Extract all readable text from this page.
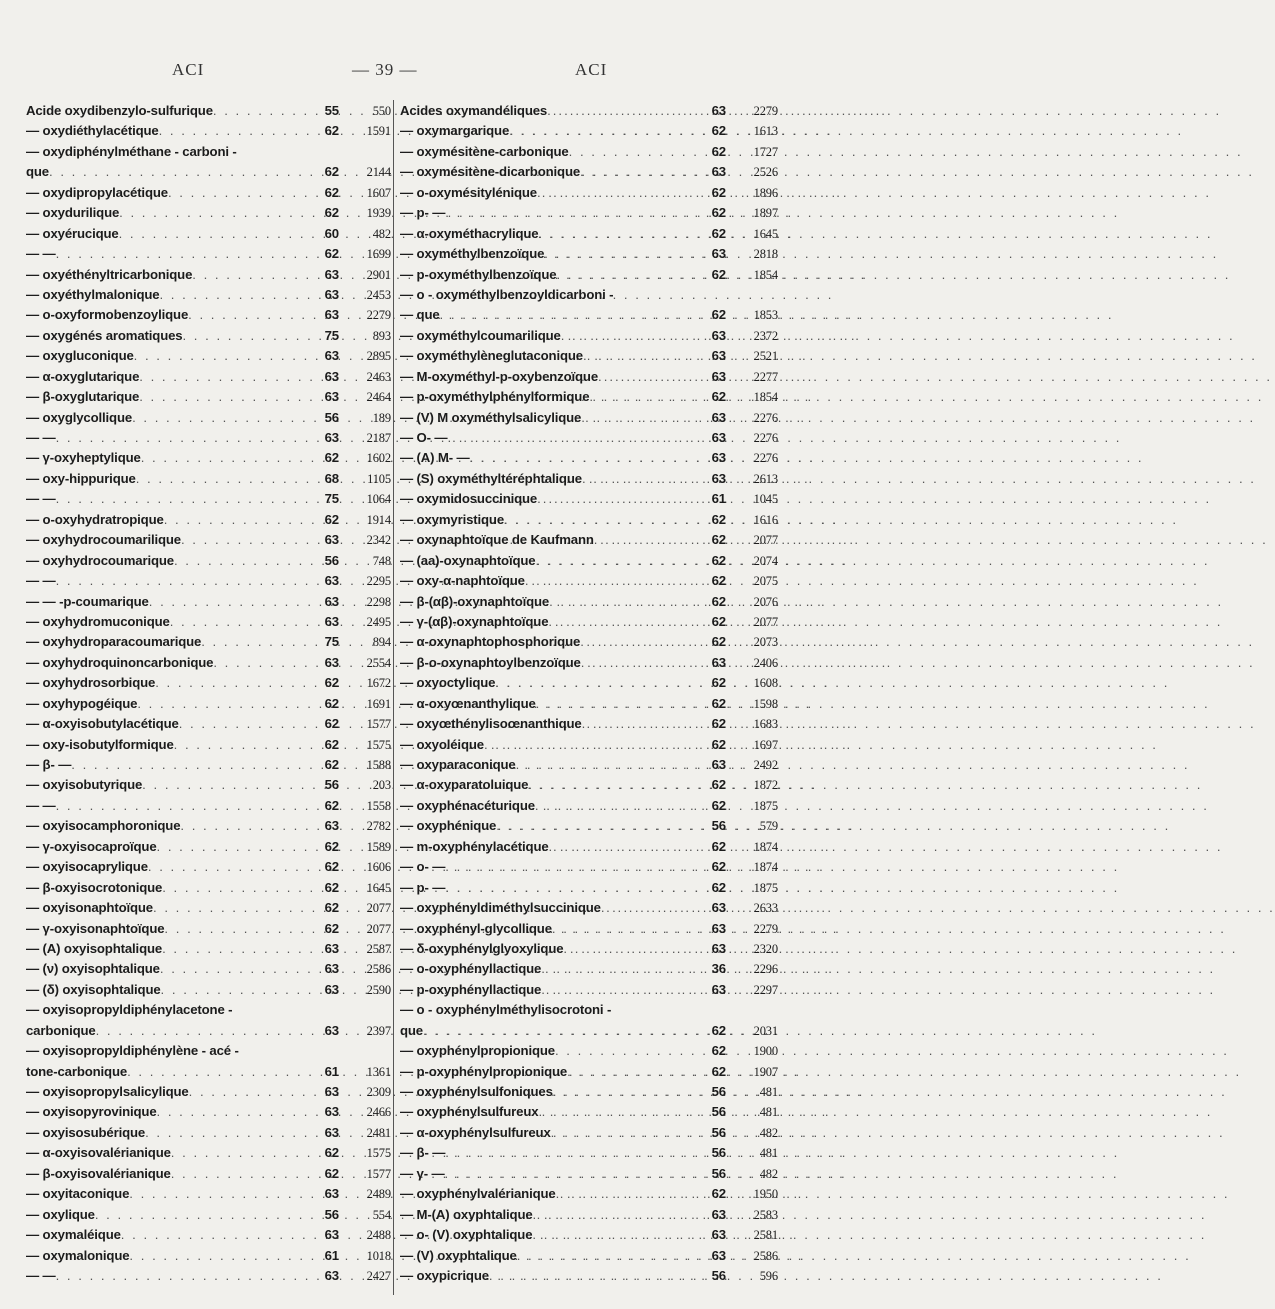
ACI	— 39 —	ACI
Acide oxydibenzylo-sulfurique . . .	55	550
— oxydiéthylacétique . . .	62	1591
— oxydiphénylméthane - carboni -
que . . .	62	2144
— oxydipropylacétique . . .	62	1607
— oxydurilique . . .	62	1939
— oxyérucique . . .	60	482
— — . . .	62	1699
— oxyéthényltricarbonique . . .	63	2901
— oxyéthylmalonique . . .	63	2453
— o-oxyformobenzoylique . . .	63	2279
— oxygénés aromatiques . . .	75	893
— oxygluconique . . .	63	2895
— α-oxyglutarique . . .	63	2463
— β-oxyglutarique . . .	63	2464
— oxyglycollique . . .	56	189
— — . . .	63	2187
— γ-oxyheptylique . . .	62	1602
— oxy-hippurique . . .	68	1105
— — . . .	75	1064
— o-oxyhydratropique . . .	62	1914
— oxyhydrocoumarilique . . .	63	2342
— oxyhydrocoumarique . . .	56	748
— — . . .	63	2295
— — -p-coumarique . . .	63	2298
— oxyhydromuconique . . .	63	2495
— oxyhydroparacoumarique . . .	75	894
— oxyhydroquinoncarbonique . . .	63	2554
— oxyhydrosorbique . . .	62	1672
— oxyhypogéique . . .	62	1691
— α-oxyisobutylacétique . . .	62	1577
— oxy-isobutylformique . . .	62	1575
— β- — . . .	62	1588
— oxyisobutyrique . . .	56	203
— — . . .	62	1558
— oxyisocamphoronique . . .	63	2782
— γ-oxyisocaproïque . . .	62	1589
— oxyisocaprylique . . .	62	1606
— β-oxyisocrotonique . . .	62	1645
— oxyisonaphtoïque . . .	62	2077
— γ-oxyisonaphtoïque . . .	62	2077
— (A) oxyisophtalique . . .	63	2587
— (ν) oxyisophtalique . . .	63	2586
— (δ) oxyisophtalique . . .	63	2590
— oxyisopropyldiphénylacetone -
carbonique . . .	63	2397
— oxyisopropyldiphénylène - acé -
tone-carbonique . . .	61	1361
— oxyisopropylsalicylique . . .	63	2309
— oxyisopyrovinique . . .	63	2466
— oxyisosubérique . . .	63	2481
— α-oxyisovalérianique . . .	62	1575
— β-oxyisovalérianique . . .	62	1577
— oxyitaconique . . .	63	2489
— oxylique . . .	56	554
— oxymaléique . . .	63	2488
— oxymalonique . . .	61	1018
— — . . .	63	2427
Acides oxymandéliques . . .	63	2279
— oxymargarique . . .	62	1613
— oxymésitène-carbonique . . .	62	1727
— oxymésitène-dicarbonique . . .	63	2526
— o-oxymésitylénique . . .	62	1896
— p- — . . .	62	1897
— α-oxyméthacrylique . . .	62	1645
— oxyméthylbenzoïque . . .	63	2818
— p-oxyméthylbenzoïque . . .	62	1854
— o - oxyméthylbenzoyldicarboni -
— que . . .	62	1853
— oxyméthylcoumarilique . . .	63	2372
— oxyméthylèneglutaconique . . .	63	2521
— M-oxyméthyl-p-oxybenzoïque . . .	63	2277
— p-oxyméthylphénylformique . . .	62	1854
— (V) M oxyméthylsalicylique . . .	63	2276
— O- — . . .	63	2276
— (A) M- — . . .	63	2276
— (S) oxyméthyltéréphtalique . . .	63	2613
— oxymidosuccinique . . .	61	1045
— oxymyristique . . .	62	1616
— oxynaphtoïque de Kaufmann . . .	62	2077
— (aa)-oxynaphtoïque . . .	62	2074
— oxy-α-naphtoïque . . .	62	2075
— β-(αβ)-oxynaphtoïque . . .	62	2076
— γ-(αβ)-oxynaphtoïque . . .	62	2077
— α-oxynaphtophosphorique . . .	62	2073
— β-o-oxynaphtoylbenzoïque . . .	63	2406
— oxyoctylique . . .	62	1608
— α-oxyœnanthylique . . .	62	1598
— oxyœthénylisoœnanthique . . .	62	1683
— oxyoléique . . .	62	1697
— oxyparaconique . . .	63	2492
— α-oxyparatoluique . . .	62	1872
— oxyphénacéturique . . .	62	1875
— oxyphénique . . .	56	579
— m-oxyphénylacétique . . .	62	1874
— o- — . . .	62	1874
— p- — . . .	62	1875
— oxyphényldiméthylsuccinique . . .	63	2633
— oxyphényl-glycollique . . .	63	2279
— δ-oxyphénylglyoxylique . . .	63	2320
— o-oxyphényllactique . . .	36	2296
— p-oxyphényllactique . . .	63	2297
— o - oxyphénylméthylisocrotoni -
que . . .	62	2031
— oxyphénylpropionique . . .	62	1900
— p-oxyphénylpropionique . . .	62	1907
— oxyphénylsulfoniques . . .	56	481
— oxyphénylsulfureux . . .	56	481
— α-oxyphénylsulfureux . . .	56	482
— β- — . . .	56	481
— γ- — . . .	56	482
— oxyphénylvalérianique . . .	62	1950
— M-(A) oxyphtalique . . .	63	2583
— o- (V) oxyphtalique . . .	63	2581
— (V) oxyphtalique . . .	63	2586
— oxypicrique . . .	56	596
